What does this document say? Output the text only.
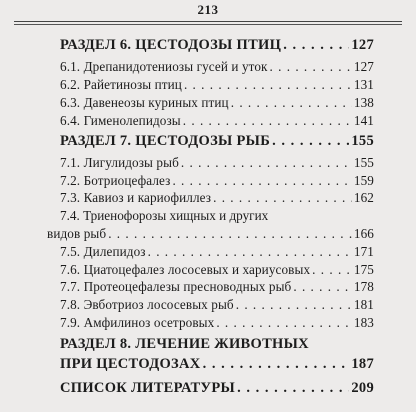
213
РАЗДЕЛ 6. ЦЕСТОДОЗЫ ПТИЦ . . .	127
6.1. Дрепанидотениозы гусей и уток . . .	127
6.2. Райетинозы птиц . . .	131
6.3. Давенеозы куриных птиц . . .	138
6.4. Гименолепидозы . . .	141
РАЗДЕЛ 7. ЦЕСТОДОЗЫ РЫБ . . .	155
7.1. Лигулидозы рыб . . .	155
7.2. Ботриоцефалез . . .	159
7.3. Кавиоз и кариофиллез . . .	162
7.4. Триенофорозы хищных и других
видов рыб . . .	166
7.5. Дилепидоз . . .	171
7.6. Циатоцефалез лососевых и хариусовых . . .	175
7.7. Протеоцефалезы пресноводных рыб . . .	178
7.8. Эвботриоз лососевых рыб . . .	181
7.9. Амфилиноз осетровых . . .	183
РАЗДЕЛ 8. ЛЕЧЕНИЕ ЖИВОТНЫХ
ПРИ ЦЕСТОДОЗАХ . . .	187
СПИСОК ЛИТЕРАТУРЫ . . .	209
